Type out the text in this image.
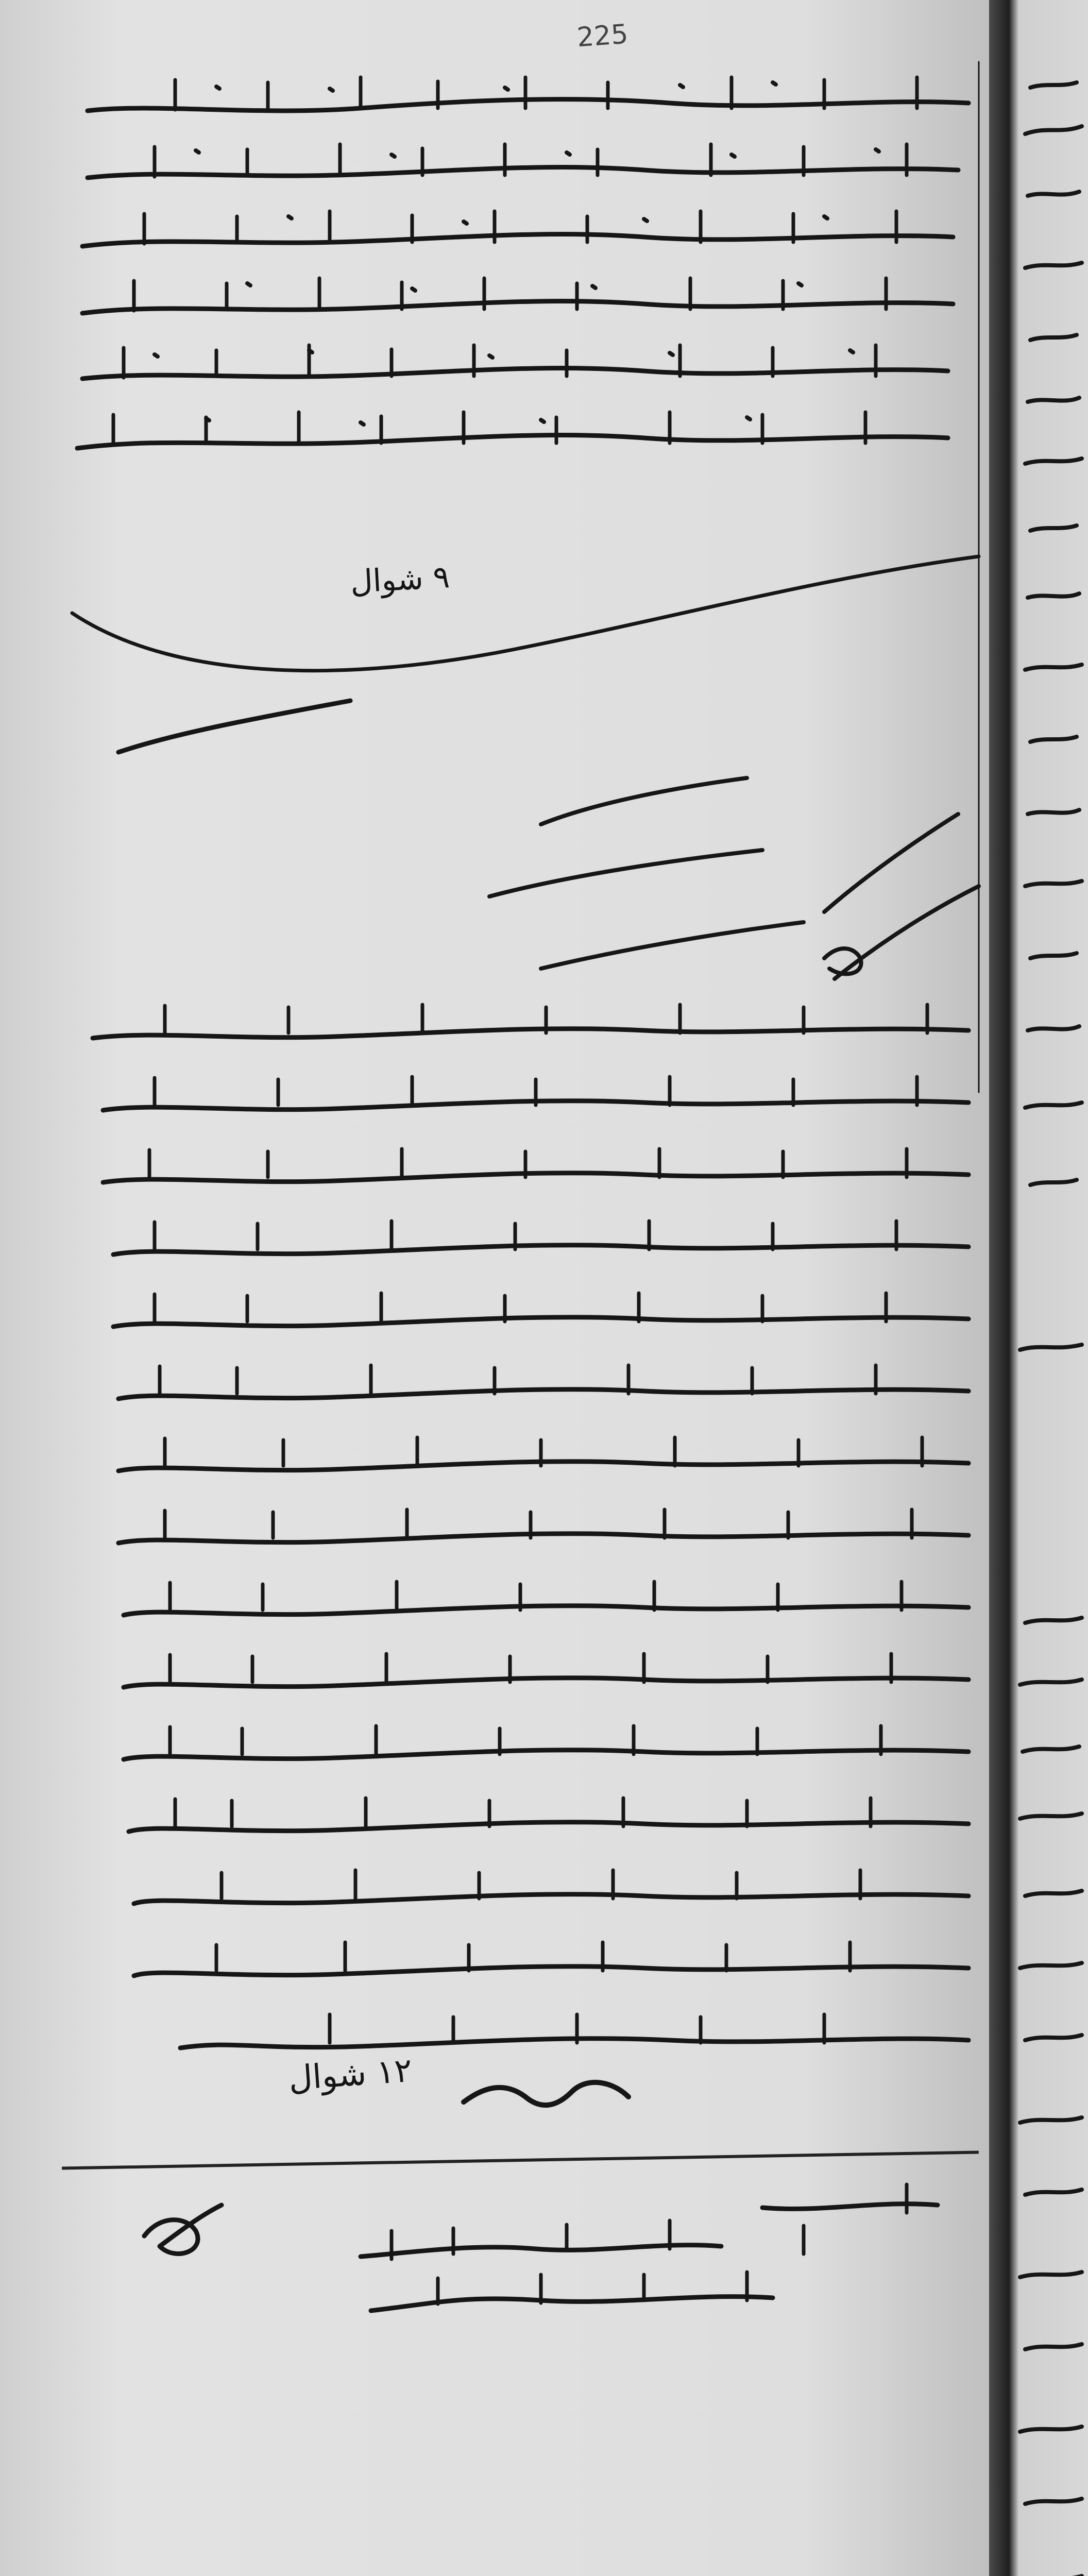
225
٩ شوال
١٢ شوال
